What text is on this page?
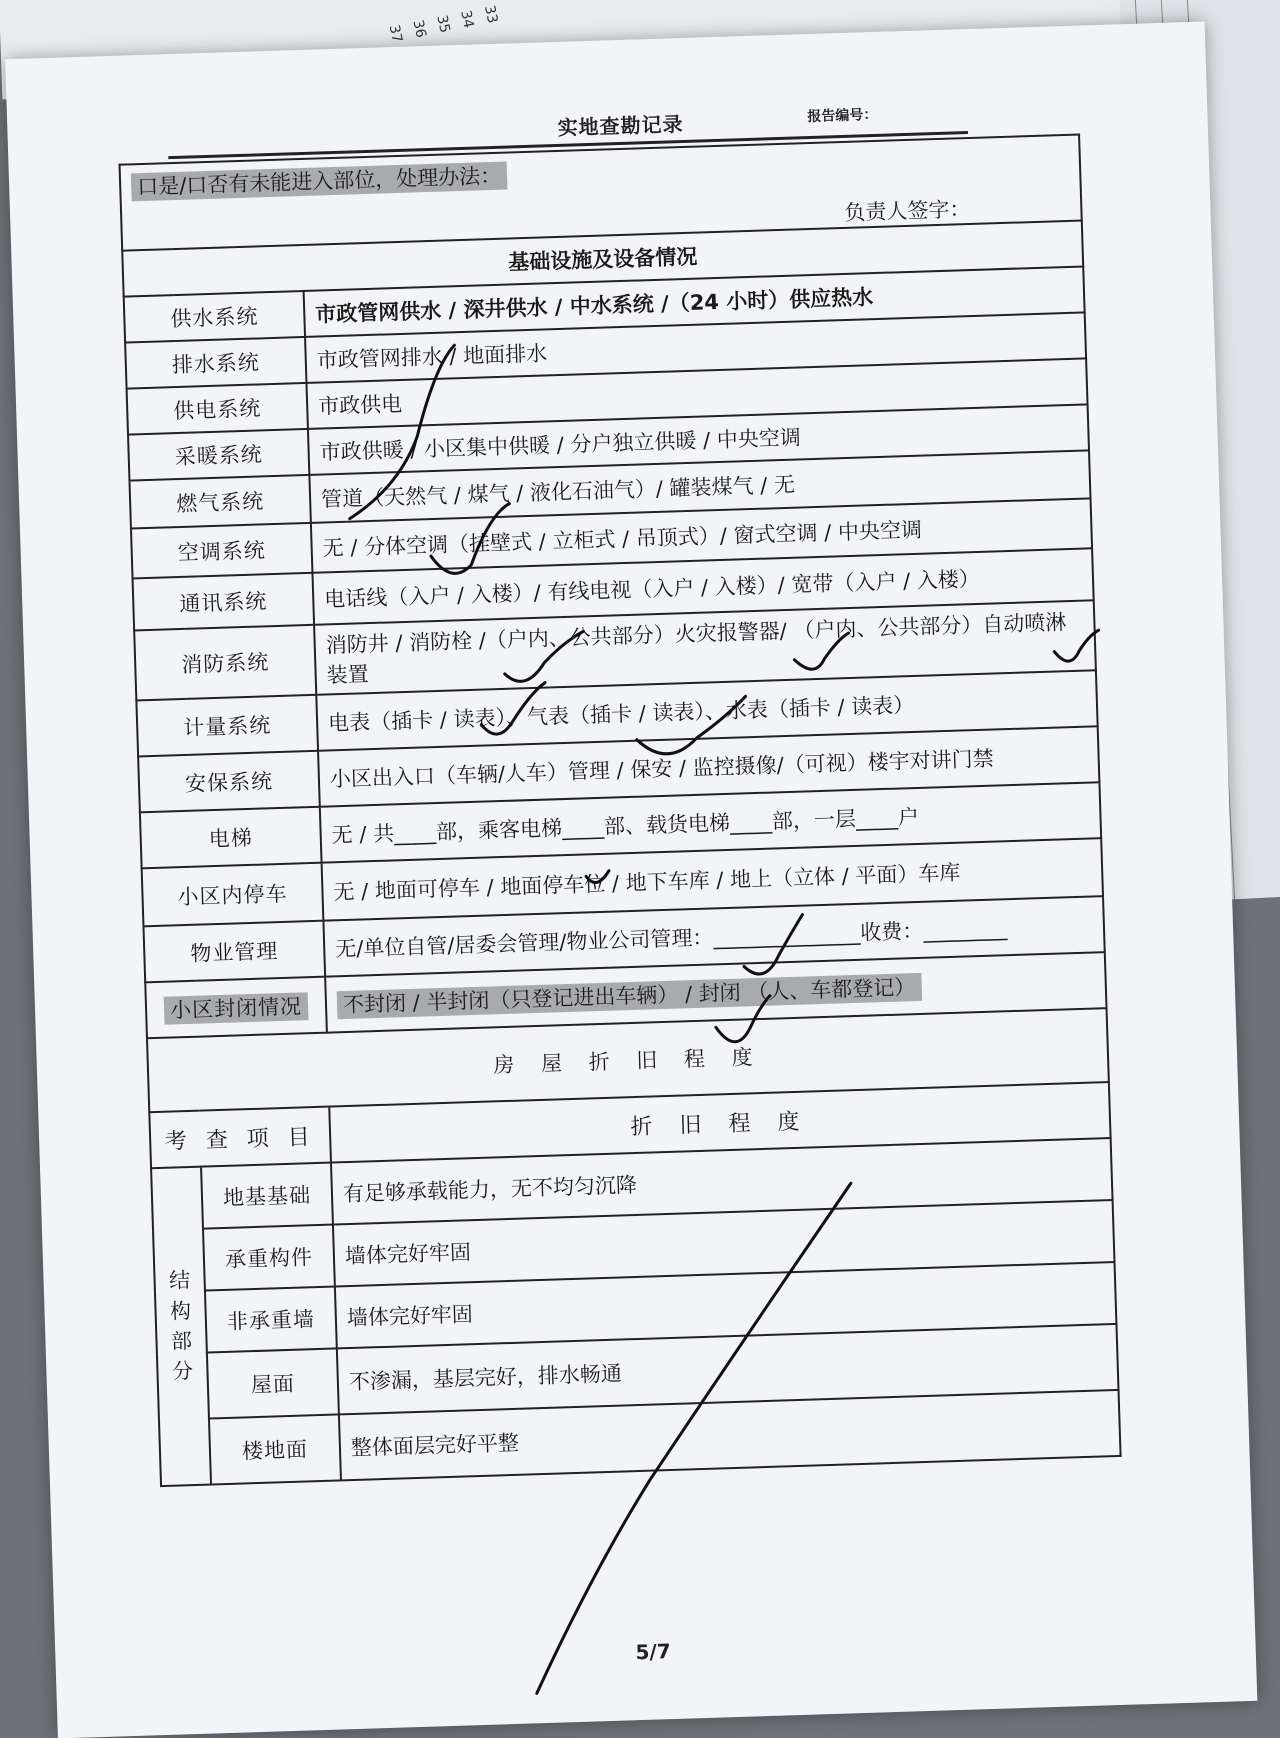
37 36 35 34 33
实地查勘记录	报告编号：
口是/口否有未能进入部位，处理办法：
负责人签字：		

基础设施及设备情况		
供水系统		市政管网供水 / 深井供水 / 中水系统 /（24 小时）供应热水
排水系统		市政管网排水 / 地面排水
供电系统		市政供电
采暖系统		市政供暖 / 小区集中供暖 / 分户独立供暖 / 中央空调
燃气系统		管道（天然气 / 煤气 / 液化石油气）/ 罐装煤气 / 无
空调系统		无 / 分体空调（挂壁式 / 立柜式 / 吊顶式）/ 窗式空调 / 中央空调
通讯系统		电话线（入户 / 入楼）/ 有线电视（入户 / 入楼）/ 宽带（入户 / 入楼）
消防系统		消防井 / 消防栓 /（户内、公共部分）火灾报警器/ （户内、公共部分）自动喷淋装置
计量系统		电表（插卡 / 读表）、气表（插卡 / 读表）、水表（插卡 / 读表）
安保系统		小区出入口（车辆/人车）管理 / 保安 / 监控摄像/（可视）楼宇对讲门禁
电梯		无 / 共____部，乘客电梯____部、载货电梯____部，一层____户
小区内停车		无 / 地面可停车 / 地面停车位 / 地下车库 / 地上（立体 / 平面）车库
物业管理		无/单位自管/居委会管理/物业公司管理：______________收费：________
小区封闭情况		不封闭 / 半封闭（只登记进出车辆） / 封闭 （人、车都登记）
房 屋 折 旧 程 度		
考 查 项 目		折 旧 程 度
结构部分	地基基础	有足够承载能力，无不均匀沉降
	承重构件	墙体完好牢固
	非承重墙	墙体完好牢固
	屋面	不渗漏，基层完好，排水畅通
	楼地面	整体面层完好平整
5/7
